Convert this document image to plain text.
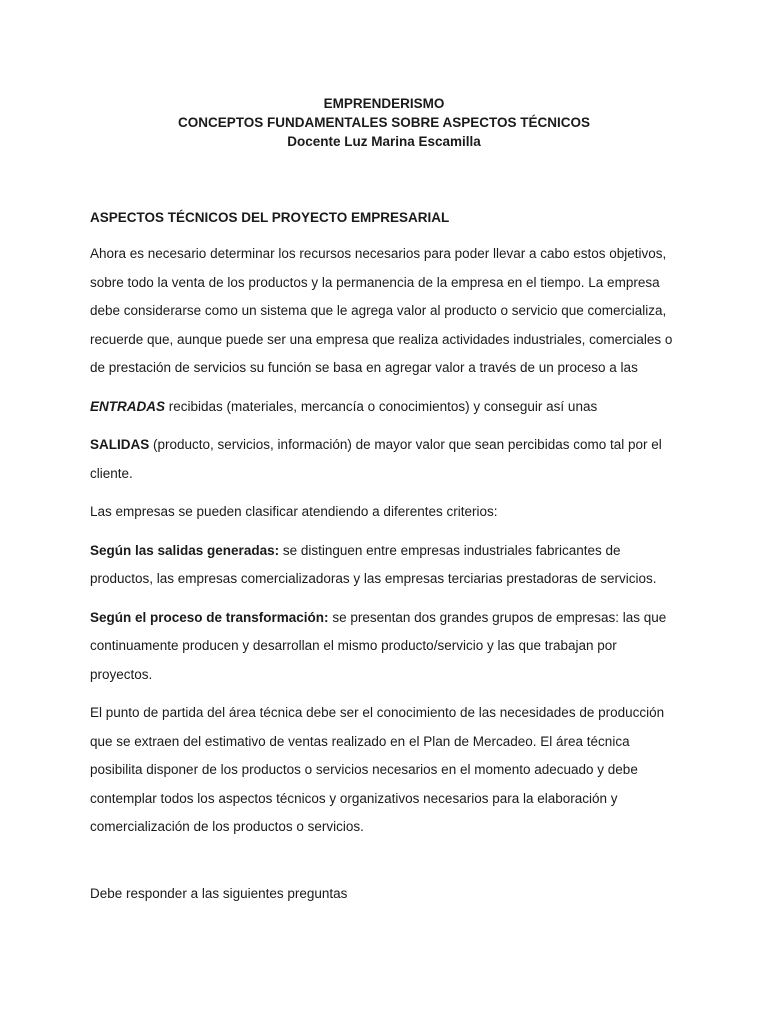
EMPRENDERISMO
CONCEPTOS FUNDAMENTALES SOBRE ASPECTOS TÉCNICOS
Docente Luz Marina Escamilla

ASPECTOS TÉCNICOS DEL PROYECTO EMPRESARIAL

Ahora es necesario determinar los recursos necesarios para poder llevar a cabo estos objetivos, sobre todo la venta de los productos y la permanencia de la empresa en el tiempo. La empresa debe considerarse como un sistema que le agrega valor al producto o servicio que comercializa, recuerde que, aunque puede ser una empresa que realiza actividades industriales, comerciales o de prestación de servicios su función se basa en agregar valor a través de un proceso a las

ENTRADAS recibidas (materiales, mercancía o conocimientos) y conseguir así unas

SALIDAS (producto, servicios, información) de mayor valor que sean percibidas como tal por el cliente.

Las empresas se pueden clasificar atendiendo a diferentes criterios:

Según las salidas generadas: se distinguen entre empresas industriales fabricantes de productos, las empresas comercializadoras y las empresas terciarias prestadoras de servicios.

Según el proceso de transformación: se presentan dos grandes grupos de empresas: las que continuamente producen y desarrollan el mismo producto/servicio y las que trabajan por proyectos.

El punto de partida del área técnica debe ser el conocimiento de las necesidades de producción que se extraen del estimativo de ventas realizado en el Plan de Mercadeo. El área técnica posibilita disponer de los productos o servicios necesarios en el momento adecuado y debe contemplar todos los aspectos técnicos y organizativos necesarios para la elaboración y comercialización de los productos o servicios.

Debe responder a las siguientes preguntas
